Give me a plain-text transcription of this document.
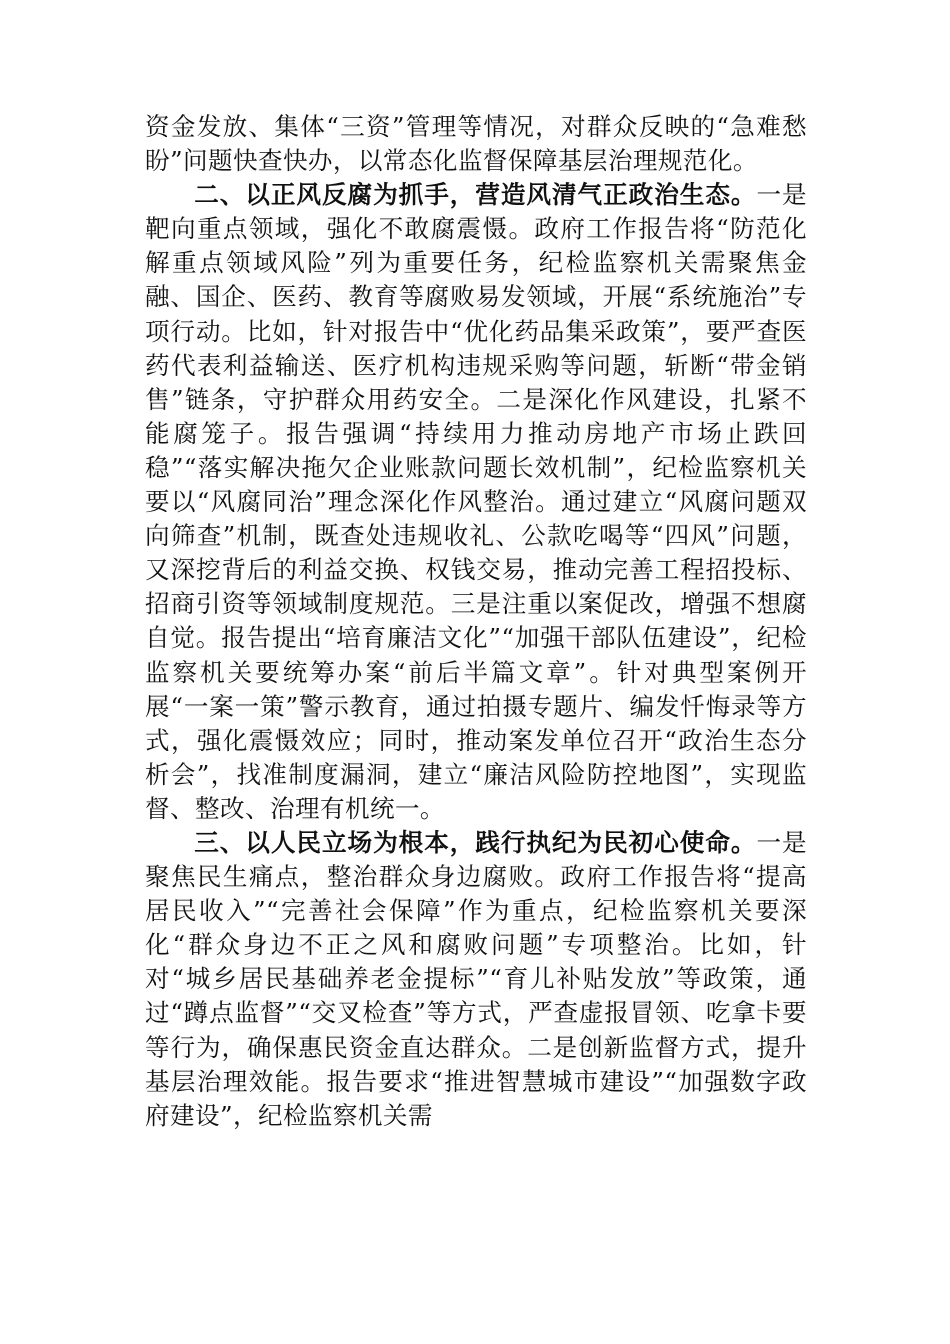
资金发放、集体“三资”管理等情况，对群众反映的“急难愁盼”问题快查快办，以常态化监督保障基层治理规范化。

二、以正风反腐为抓手，营造风清气正政治生态。一是靶向重点领域，强化不敢腐震慑。政府工作报告将“防范化解重点领域风险”列为重要任务，纪检监察机关需聚焦金融、国企、医药、教育等腐败易发领域，开展“系统施治”专项行动。比如，针对报告中“优化药品集采政策”，要严查医药代表利益输送、医疗机构违规采购等问题，斩断“带金销售”链条，守护群众用药安全。二是深化作风建设，扎紧不能腐笼子。报告强调“持续用力推动房地产市场止跌回稳”“落实解决拖欠企业账款问题长效机制”，纪检监察机关要以“风腐同治”理念深化作风整治。通过建立“风腐问题双向筛查”机制，既查处违规收礼、公款吃喝等“四风”问题，又深挖背后的利益交换、权钱交易，推动完善工程招投标、招商引资等领域制度规范。三是注重以案促改，增强不想腐自觉。报告提出“培育廉洁文化”“加强干部队伍建设”，纪检监察机关要统筹办案“前后半篇文章”。针对典型案例开展“一案一策”警示教育，通过拍摄专题片、编发忏悔录等方式，强化震慑效应；同时，推动案发单位召开“政治生态分析会”，找准制度漏洞，建立“廉洁风险防控地图”，实现监督、整改、治理有机统一。

三、以人民立场为根本，践行执纪为民初心使命。一是聚焦民生痛点，整治群众身边腐败。政府工作报告将“提高居民收入”“完善社会保障”作为重点，纪检监察机关要深化“群众身边不正之风和腐败问题”专项整治。比如，针对“城乡居民基础养老金提标”“育儿补贴发放”等政策，通过“蹲点监督”“交叉检查”等方式，严查虚报冒领、吃拿卡要等行为，确保惠民资金直达群众。二是创新监督方式，提升基层治理效能。报告要求“推进智慧城市建设”“加强数字政府建设”，纪检监察机关需
